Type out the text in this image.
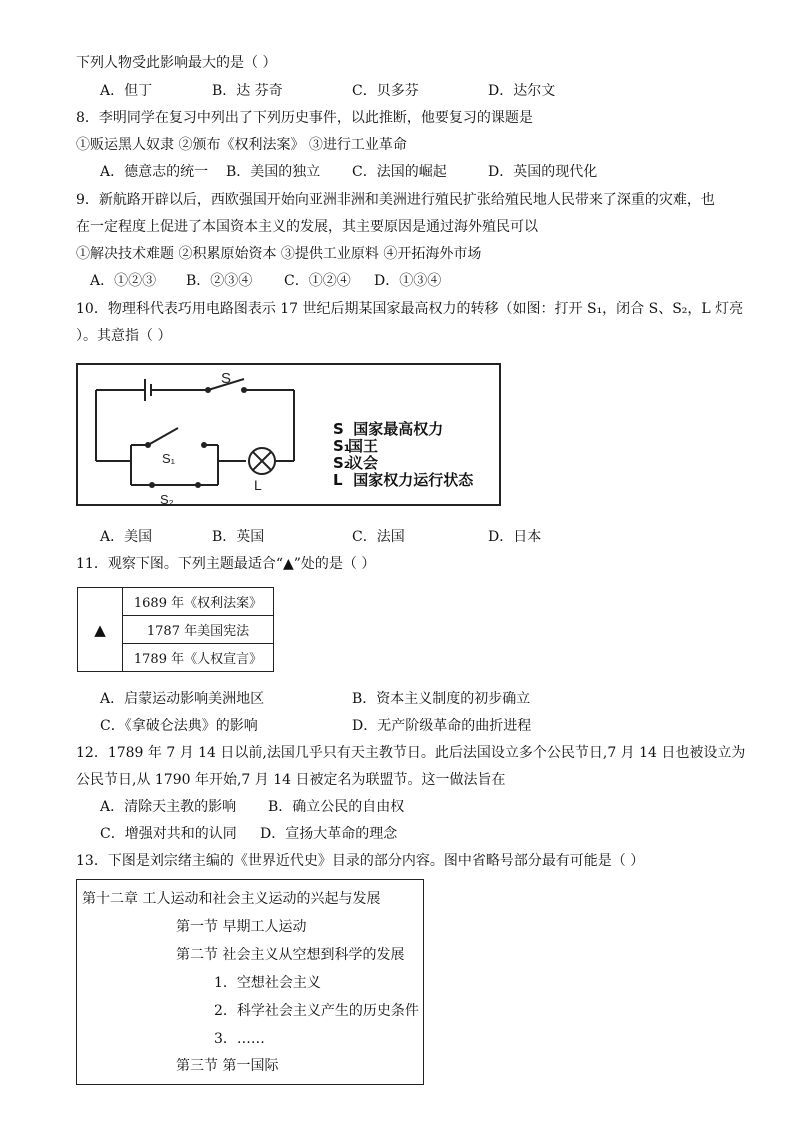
下列人物受此影响最大的是（ ）
A．但丁	B．达 芬奇	C．贝多芬	D．达尔文
8．李明同学在复习中列出了下列历史事件，以此推断，他要复习的课题是
①贩运黑人奴隶 ②颁布《权利法案》 ③进行工业革命
A．德意志的统一 B．美国的独立 C．法国的崛起	D．英国的现代化
9．新航路开辟以后，西欧强国开始向亚洲非洲和美洲进行殖民扩张给殖民地人民带来了深重的灾难，也
在一定程度上促进了本国资本主义的发展，其主要原因是通过海外殖民可以
①解决技术难题 ②积累原始资本 ③提供工业原料 ④开拓海外市场
A．①②③ B．②③④ C．①②④ D．①③④
10．物理科代表巧用电路图表示 17 世纪后期某国家最高权力的转移（如图：打开 S₁，闭合 S、S₂，L 灯亮
）。其意指（ ）
S
S₁
S₂
L
S 国家最高权力
S₁国王
S₂议会
L 国家权力运行状态
A．美国	B．英国	C．法国	D．日本
11．观察下图。下列主题最适合“▲”处的是（ ）
▲	1689 年《权利法案》
1787 年美国宪法
1789 年《人权宣言》
A．启蒙运动影响美洲地区	B．资本主义制度的初步确立
C．《拿破仑法典》的影响	D．无产阶级革命的曲折进程
12．1789 年 7 月 14 日以前,法国几乎只有天主教节日。此后法国设立多个公民节日,7 月 14 日也被设立为
公民节日,从 1790 年开始,7 月 14 日被定名为联盟节。这一做法旨在
A．清除天主教的影响 B．确立公民的自由权
C．增强对共和的认同 D．宣扬大革命的理念
13．下图是刘宗绪主编的《世界近代史》目录的部分内容。图中省略号部分最有可能是（ ）
第十二章 工人运动和社会主义运动的兴起与发展
第一节 早期工人运动
第二节 社会主义从空想到科学的发展
1．空想社会主义
2．科学社会主义产生的历史条件
3．……
第三节 第一国际
